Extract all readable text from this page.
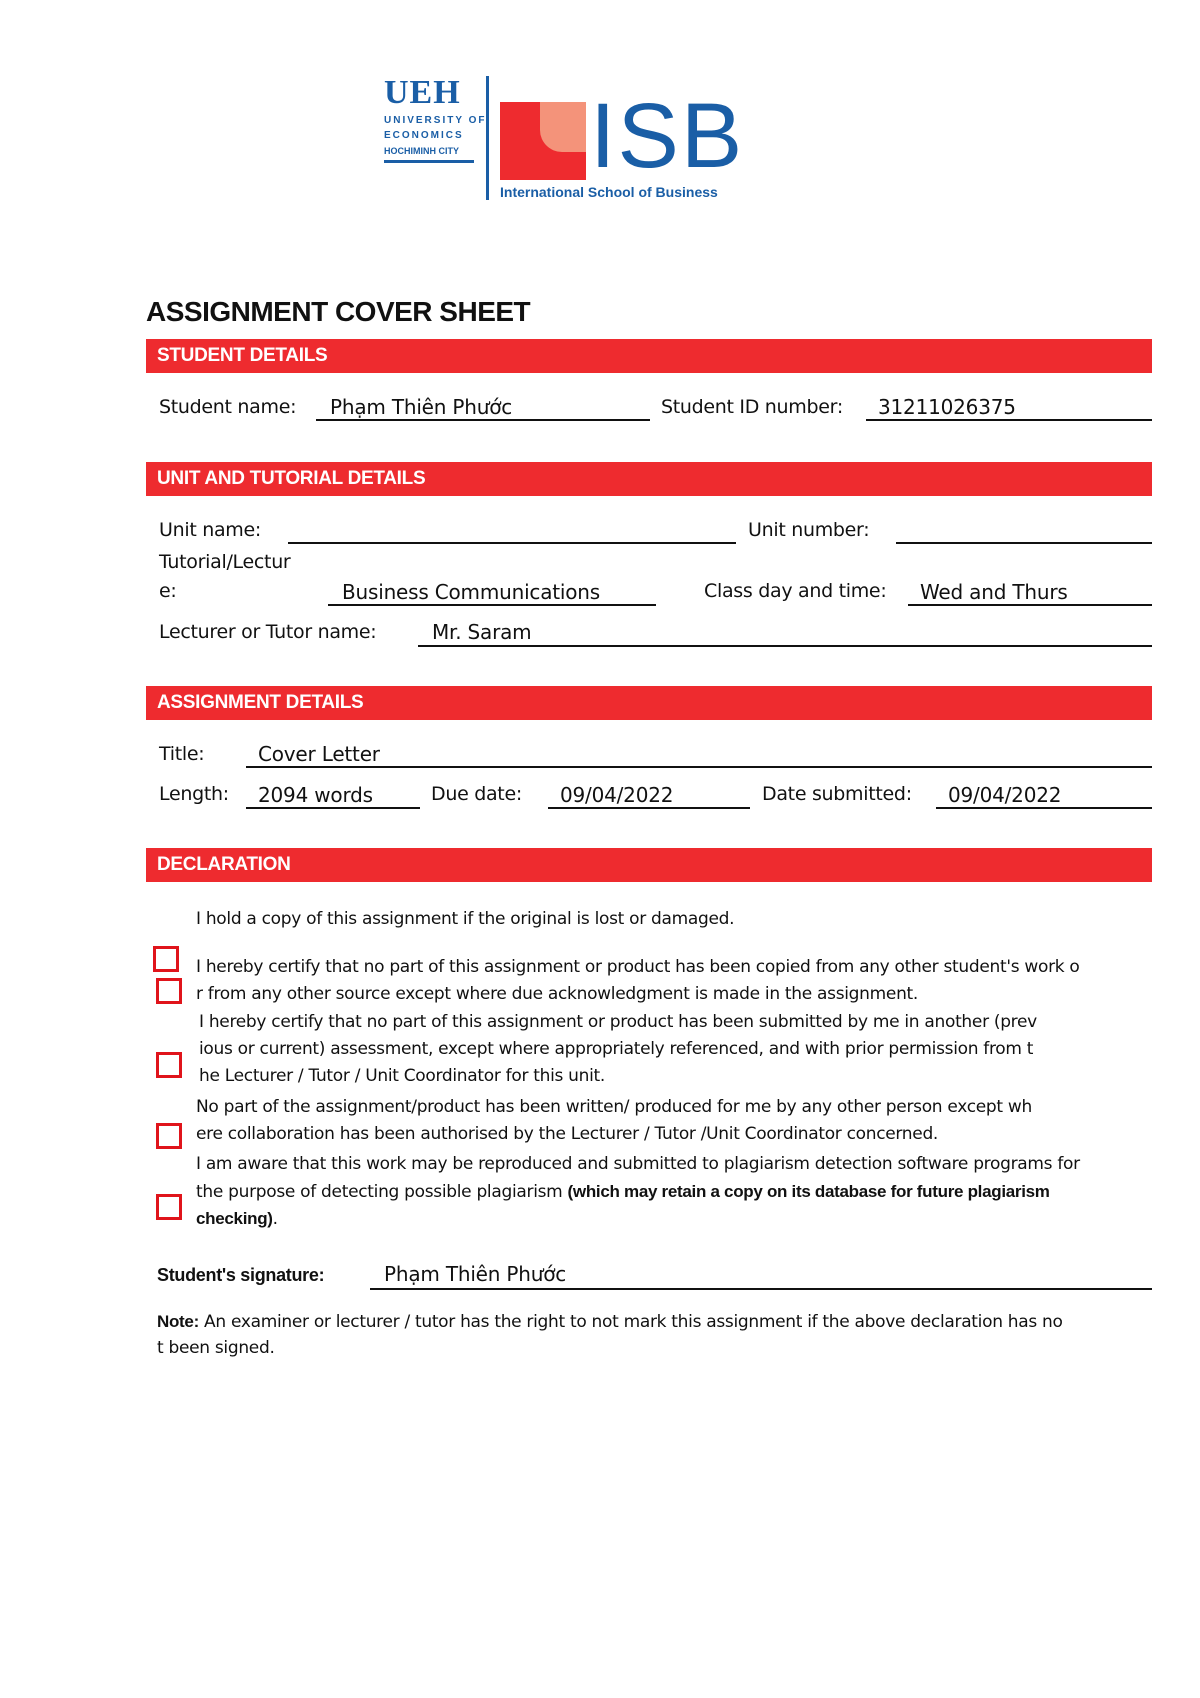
UEH
UNIVERSITY OF
ECONOMICS
HOCHIMINH CITY ISB
International School of Business
ASSIGNMENT COVER SHEET
STUDENT DETAILS
Student name: Phạm Thiên Phước	Student ID number: 31211026375
UNIT AND TUTORIAL DETAILS
Unit name:	Unit number:
Tutorial/Lectur
e:	Business Communications	Class day and time: Wed and Thurs
Lecturer or Tutor name:	Mr. Saram
ASSIGNMENT DETAILS
Title:	Cover Letter
Length: 2094 words	Due date: 09/04/2022	Date submitted: 09/04/2022
DECLARATION
I hold a copy of this assignment if the original is lost or damaged.
I hereby certify that no part of this assignment or product has been copied from any other student's work o
r from any other source except where due acknowledgment is made in the assignment.
I hereby certify that no part of this assignment or product has been submitted by me in another (prev
ious or current) assessment, except where appropriately referenced, and with prior permission from t
he Lecturer / Tutor / Unit Coordinator for this unit.
No part of the assignment/product has been written/ produced for me by any other person except wh
ere collaboration has been authorised by the Lecturer / Tutor /Unit Coordinator concerned.
I am aware that this work may be reproduced and submitted to plagiarism detection software programs for
the purpose of detecting possible plagiarism (which may retain a copy on its database for future plagiarism
checking).
Student's signature:	Phạm Thiên Phước
Note: An examiner or lecturer / tutor has the right to not mark this assignment if the above declaration has no
t been signed.
